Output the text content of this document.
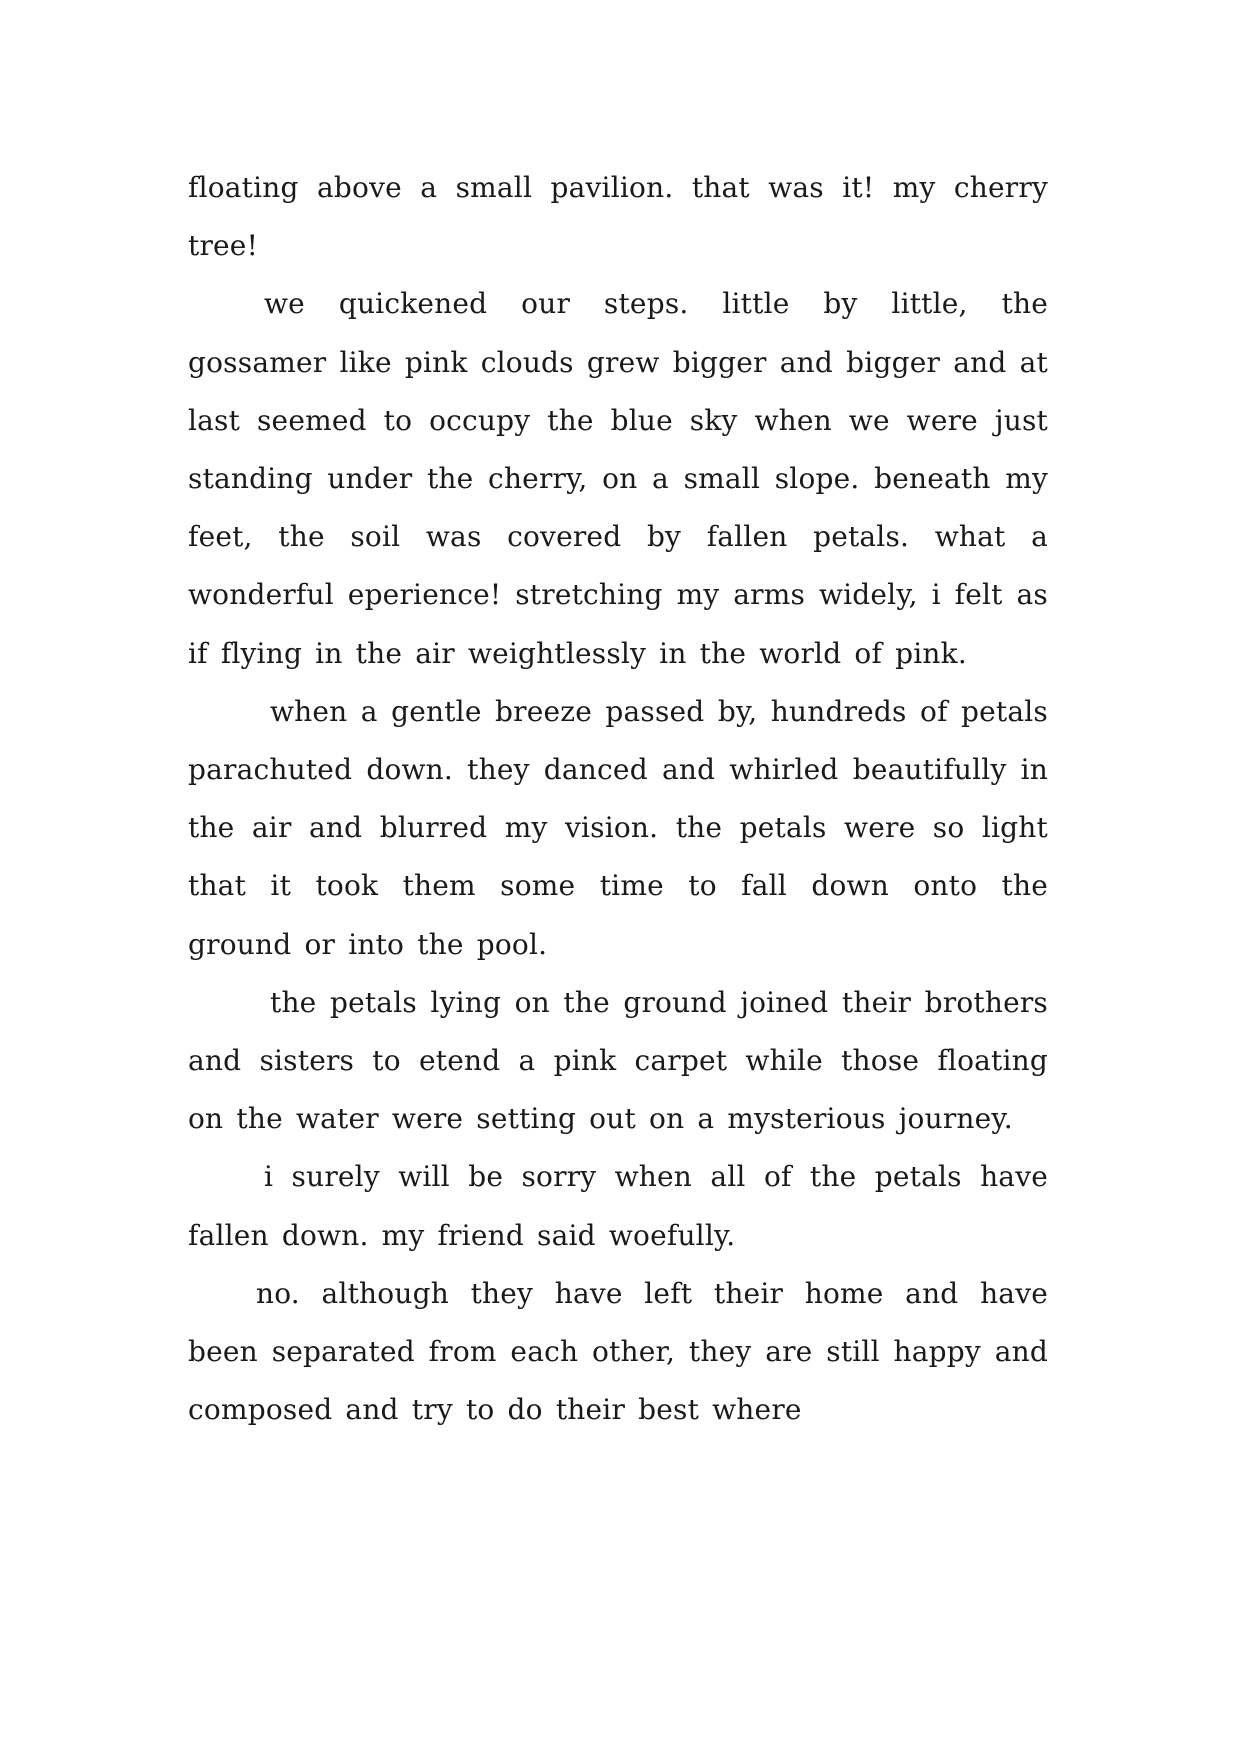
floating above a small pavilion. that was it! my cherry tree!

we quickened our steps. little by little, the gossamer like pink clouds grew bigger and bigger and at last seemed to occupy the blue sky when we were just standing under the cherry, on a small slope. beneath my feet, the soil was covered by fallen petals. what a wonderful eperience! stretching my arms widely, i felt as if flying in the air weightlessly in the world of pink.

when a gentle breeze passed by, hundreds of petals parachuted down. they danced and whirled beautifully in the air and blurred my vision. the petals were so light that it took them some time to fall down onto the ground or into the pool.

the petals lying on the ground joined their brothers and sisters to etend a pink carpet while those floating on the water were setting out on a mysterious journey.

i surely will be sorry when all of the petals have fallen down. my friend said woefully.

no. although they have left their home and have been separated from each other, they are still happy and composed and try to do their best where
